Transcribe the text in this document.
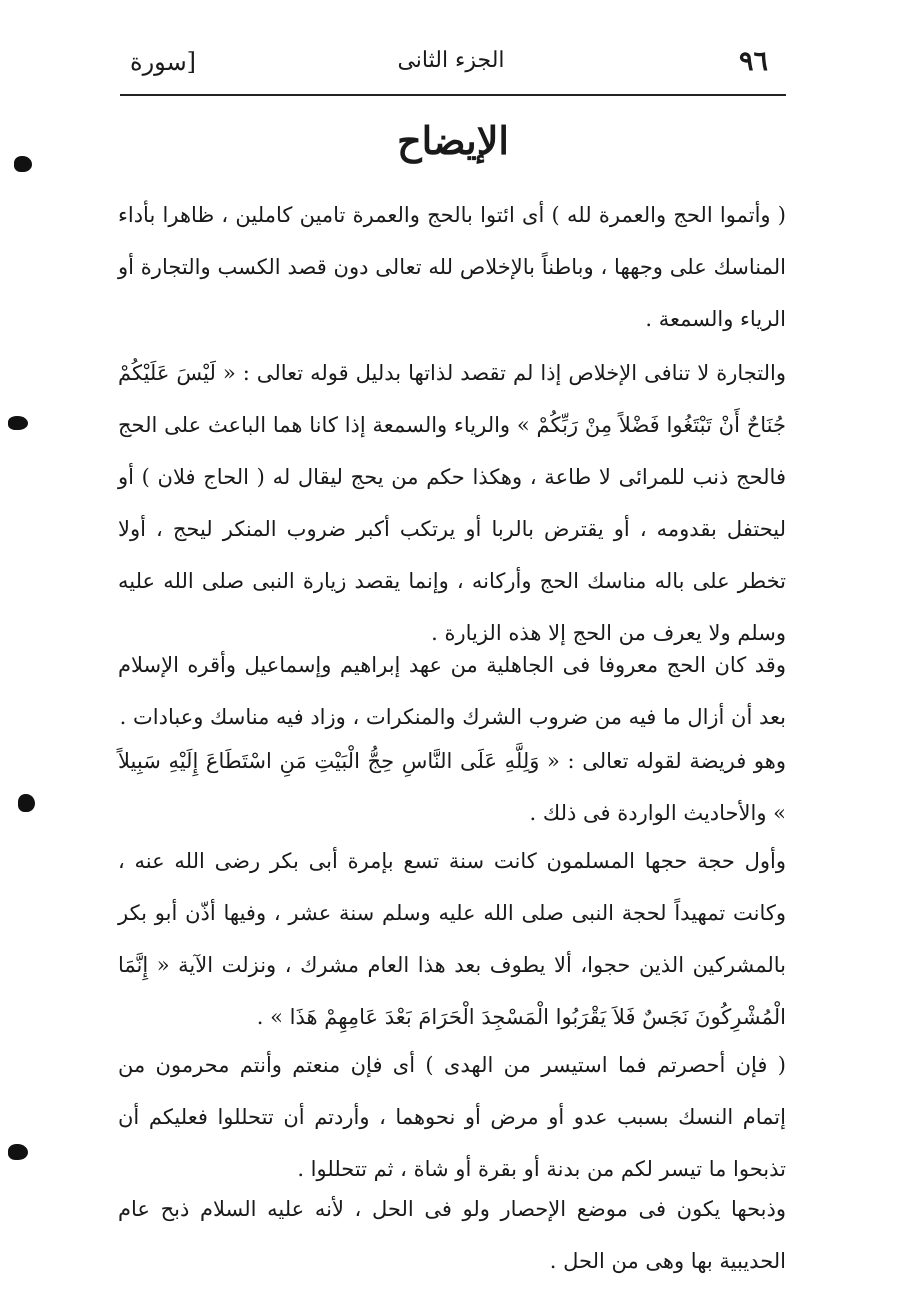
٩٦
الجزء الثانى
[سورة
الإيضاح

( وأتموا الحج والعمرة لله ) أى ائتوا بالحج والعمرة تامين كاملين ، ظاهرا بأداء المناسك على وجهها ، وباطناً بالإخلاص لله تعالى دون قصد الكسب والتجارة أو الرياء والسمعة .

والتجارة لا تنافى الإخلاص إذا لم تقصد لذاتها بدليل قوله تعالى : « لَيْسَ عَلَيْكُمْ جُنَاحٌ أَنْ تَبْتَغُوا فَضْلاً مِنْ رَبِّكُمْ » والرياء والسمعة إذا كانا هما الباعث على الحج فالحج ذنب للمرائى لا طاعة ، وهكذا حكم من يحج ليقال له ( الحاج فلان ) أو ليحتفل بقدومه ، أو يقترض بالربا أو يرتكب أكبر ضروب المنكر ليحج ، أولا تخطر على باله مناسك الحج وأركانه ، وإنما يقصد زيارة النبى صلى الله عليه وسلم ولا يعرف من الحج إلا هذه الزيارة .

وقد كان الحج معروفا فى الجاهلية من عهد إبراهيم وإسماعيل وأقره الإسلام بعد أن أزال ما فيه من ضروب الشرك والمنكرات ، وزاد فيه مناسك وعبادات .

وهو فريضة لقوله تعالى : « وَلِلَّهِ عَلَى النَّاسِ حِجُّ الْبَيْتِ مَنِ اسْتَطَاعَ إِلَيْهِ سَبِيلاً » والأحاديث الواردة فى ذلك .

وأول حجة حجها المسلمون كانت سنة تسع بإمرة أبى بكر رضى الله عنه ، وكانت تمهيداً لحجة النبى صلى الله عليه وسلم سنة عشر ، وفيها أذّن أبو بكر بالمشركين الذين حجوا، ألا يطوف بعد هذا العام مشرك ، ونزلت الآية « إِنَّمَا الْمُشْرِكُونَ نَجَسٌ فَلاَ يَقْرَبُوا الْمَسْجِدَ الْحَرَامَ بَعْدَ عَامِهِمْ هَذَا » .

( فإن أحصرتم فما استيسر من الهدى ) أى فإن منعتم وأنتم محرمون من إتمام النسك بسبب عدو أو مرض أو نحوهما ، وأردتم أن تتحللوا فعليكم أن تذبحوا ما تيسر لكم من بدنة أو بقرة أو شاة ، ثم تتحللوا .

وذبحها يكون فى موضع الإحصار ولو فى الحل ، لأنه عليه السلام ذبح عام الحديبية بها وهى من الحل .
